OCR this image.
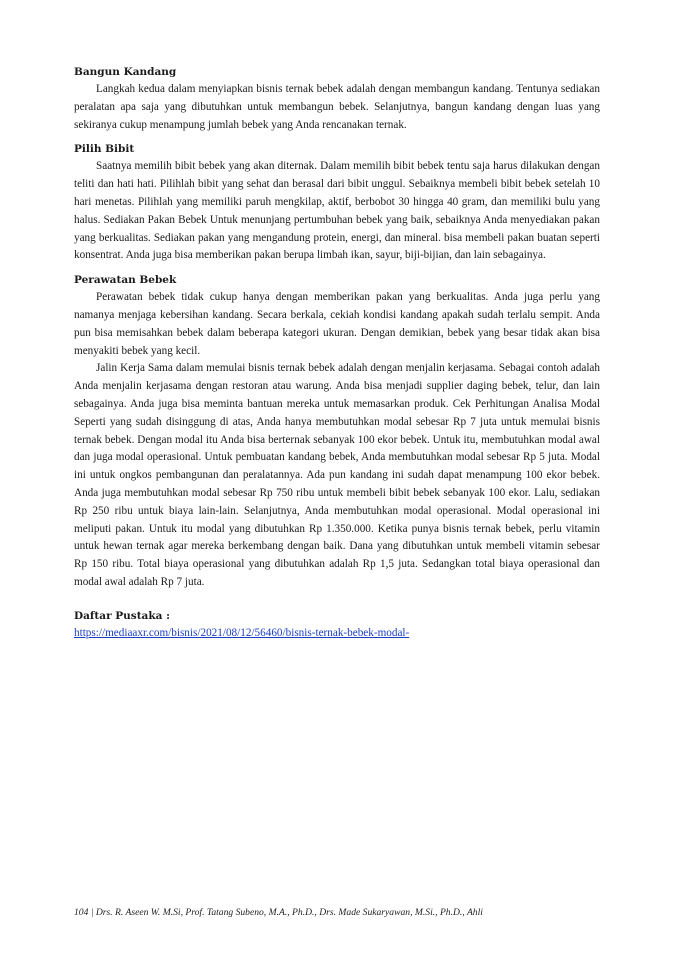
Bangun Kandang

Langkah kedua dalam menyiapkan bisnis ternak bebek adalah dengan membangun kandang. Tentunya sediakan peralatan apa saja yang dibutuhkan untuk membangun bebek. Selanjutnya, bangun kandang dengan luas yang sekiranya cukup menampung jumlah bebek yang Anda rencanakan ternak.

Pilih Bibit

Saatnya memilih bibit bebek yang akan diternak. Dalam memilih bibit bebek tentu saja harus dilakukan dengan teliti dan hati hati. Pilihlah bibit yang sehat dan berasal dari bibit unggul. Sebaiknya membeli bibit bebek setelah 10 hari menetas. Pilihlah yang memiliki paruh mengkilap, aktif, berbobot 30 hingga 40 gram, dan memiliki bulu yang halus. Sediakan Pakan Bebek Untuk menunjang pertumbuhan bebek yang baik, sebaiknya Anda menyediakan pakan yang berkualitas. Sediakan pakan yang mengandung protein, energi, dan mineral. bisa membeli pakan buatan seperti konsentrat. Anda juga bisa memberikan pakan berupa limbah ikan, sayur, biji-bijian, dan lain sebagainya.

Perawatan Bebek

Perawatan bebek tidak cukup hanya dengan memberikan pakan yang berkualitas. Anda juga perlu yang namanya menjaga kebersihan kandang. Secara berkala, cekiah kondisi kandang apakah sudah terlalu sempit. Anda pun bisa memisahkan bebek dalam beberapa kategori ukuran. Dengan demikian, bebek yang besar tidak akan bisa menyakiti bebek yang kecil.

Jalin Kerja Sama dalam memulai bisnis ternak bebek adalah dengan menjalin kerjasama. Sebagai contoh adalah Anda menjalin kerjasama dengan restoran atau warung. Anda bisa menjadi supplier daging bebek, telur, dan lain sebagainya. Anda juga bisa meminta bantuan mereka untuk memasarkan produk. Cek Perhitungan Analisa Modal Seperti yang sudah disinggung di atas, Anda hanya membutuhkan modal sebesar Rp 7 juta untuk memulai bisnis ternak bebek. Dengan modal itu Anda bisa berternak sebanyak 100 ekor bebek. Untuk itu, membutuhkan modal awal dan juga modal operasional. Untuk pembuatan kandang bebek, Anda membutuhkan modal sebesar Rp 5 juta. Modal ini untuk ongkos pembangunan dan peralatannya. Ada pun kandang ini sudah dapat menampung 100 ekor bebek. Anda juga membutuhkan modal sebesar Rp 750 ribu untuk membeli bibit bebek sebanyak 100 ekor. Lalu, sediakan Rp 250 ribu untuk biaya lain-lain. Selanjutnya, Anda membutuhkan modal operasional. Modal operasional ini meliputi pakan. Untuk itu modal yang dibutuhkan Rp 1.350.000. Ketika punya bisnis ternak bebek, perlu vitamin untuk hewan ternak agar mereka berkembang dengan baik. Dana yang dibutuhkan untuk membeli vitamin sebesar Rp 150 ribu. Total biaya operasional yang dibutuhkan adalah Rp 1,5 juta. Sedangkan total biaya operasional dan modal awal adalah Rp 7 juta.

Daftar Pustaka :
https://mediaaxr.com/bisnis/2021/08/12/56460/bisnis-ternak-bebek-modal-
104 | Drs. R. Aseen W. M.Si, Prof. Tatang Subeno, M.A., Ph.D., Drs. Made Sukaryawan, M.Si., Ph.D., Ahli
